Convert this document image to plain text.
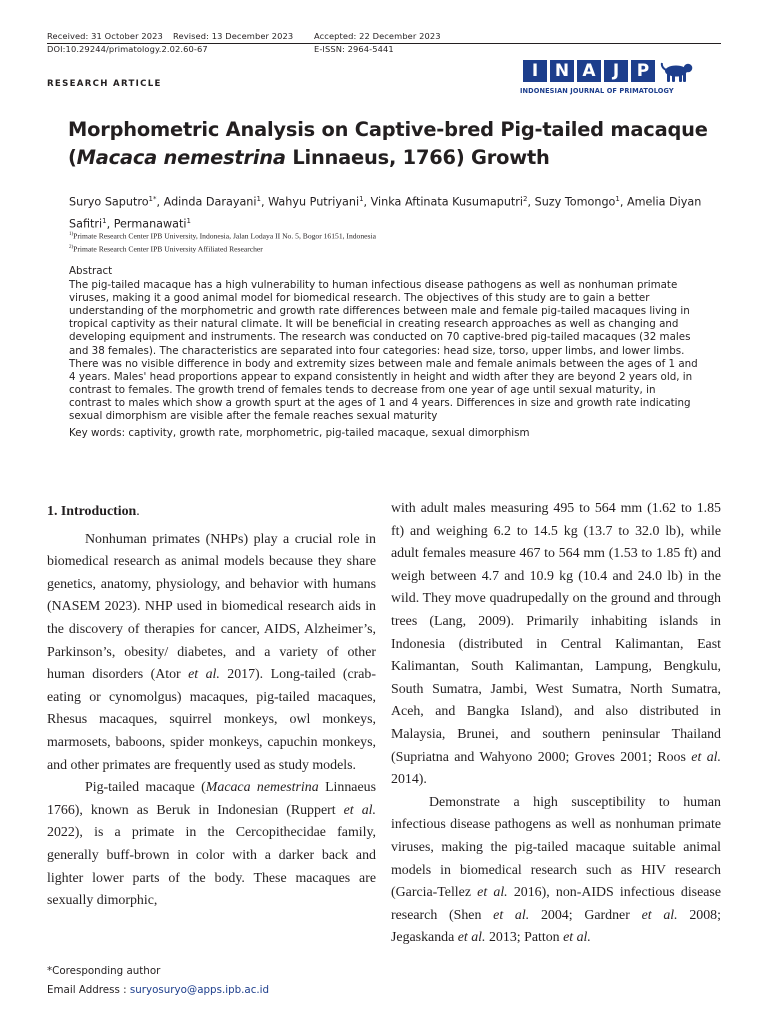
Received: 31 October 2023 Revised: 13 December 2023 Accepted: 22 December 2023
DOI:10.29244/primatology.2.02.60-67	E-ISSN: 2964-5441
RESEARCH ARTICLE
I N A	J	P
INDONESIAN JOURNAL OF PRIMATOLOGY
Morphometric Analysis on Captive-bred Pig-tailed macaque
(Macaca nemestrina Linnaeus, 1766) Growth
Suryo Saputro$^{1*}$, Adinda Darayani$^1$, Wahyu Putriyani$^1$, Vinka Aftinata Kusumaputri$^2$, Suzy Tomongo$^1$, Amelia Diyan Safitri$^1$, Permanawati$^1$
$^{1)}$Primate Research Center IPB University, Indonesia, Jalan Lodaya II No. 5, Bogor 16151, Indonesia
$^{2)}$Primate Research Center IPB University Affiliated Researcher
Abstract
The pig-tailed macaque has a high vulnerability to human infectious disease pathogens as well as nonhuman primate viruses, making it a good animal model for biomedical research. The objectives of this study are to gain a better understanding of the morphometric and growth rate differences between male and female pig-tailed macaques living in tropical captivity as their natural climate. It will be beneficial in creating research approaches as well as changing and developing equipment and instruments. The research was conducted on 70 captive-bred pig-tailed macaques (32 males and 38 females). The characteristics are separated into four categories: head size, torso, upper limbs, and lower limbs. There was no visible difference in body and extremity sizes between male and female animals between the ages of 1 and 4 years. Males' head proportions appear to expand consistently in height and width after they are beyond 2 years old, in contrast to females. The growth trend of females tends to decrease from one year of age until sexual maturity, in contrast to males which show a growth spurt at the ages of 1 and 4 years. Differences in size and growth rate indicating sexual dimorphism are visible after the female reaches sexual maturity
Key words: captivity, growth rate, morphometric, pig-tailed macaque, sexual dimorphism

1. Introduction.

Nonhuman primates (NHPs) play a crucial role in biomedical research as animal models because they share genetics, anatomy, physiology, and behavior with humans (NASEM 2023). NHP used in biomedical research aids in the discovery of therapies for cancer, AIDS, Alzheimer’s, Parkinson’s, obesity/ diabetes, and a variety of other human disorders (Ator et al. 2017). Long-tailed (crab-eating or cynomolgus) macaques, pig-tailed macaques, Rhesus macaques, squirrel monkeys, owl monkeys, marmosets, baboons, spider monkeys, capuchin monkeys, and other primates are frequently used as study models.

Pig-tailed macaque (Macaca nemestrina Linnaeus 1766), known as Beruk in Indonesian (Ruppert et al. 2022), is a primate in the Cercopithecidae family, generally buff-brown in color with a darker back and lighter lower parts of the body. These macaques are sexually dimorphic,

with adult males measuring 495 to 564 mm (1.62 to 1.85 ft) and weighing 6.2 to 14.5 kg (13.7 to 32.0 lb), while adult females measure 467 to 564 mm (1.53 to 1.85 ft) and weigh between 4.7 and 10.9 kg (10.4 and 24.0 lb) in the wild. They move quadrupedally on the ground and through trees (Lang, 2009). Primarily inhabiting islands in Indonesia (distributed in Central Kalimantan, East Kalimantan, South Kalimantan, Lampung, Bengkulu, South Sumatra, Jambi, West Sumatra, North Sumatra, Aceh, and Bangka Island), and also distributed in Malaysia, Brunei, and southern peninsular Thailand (Supriatna and Wahyono 2000; Groves 2001; Roos et al. 2014).

Demonstrate a high susceptibility to human infectious disease pathogens as well as nonhuman primate viruses, making the pig-tailed macaque suitable animal models in biomedical research such as HIV research (Garcia-Tellez et al. 2016), non-AIDS infectious disease research (Shen et al. 2004; Gardner et al. 2008; Jegaskanda et al. 2013; Patton et al.

*Coresponding author
Email Address : suryosuryo@apps.ipb.ac.id
